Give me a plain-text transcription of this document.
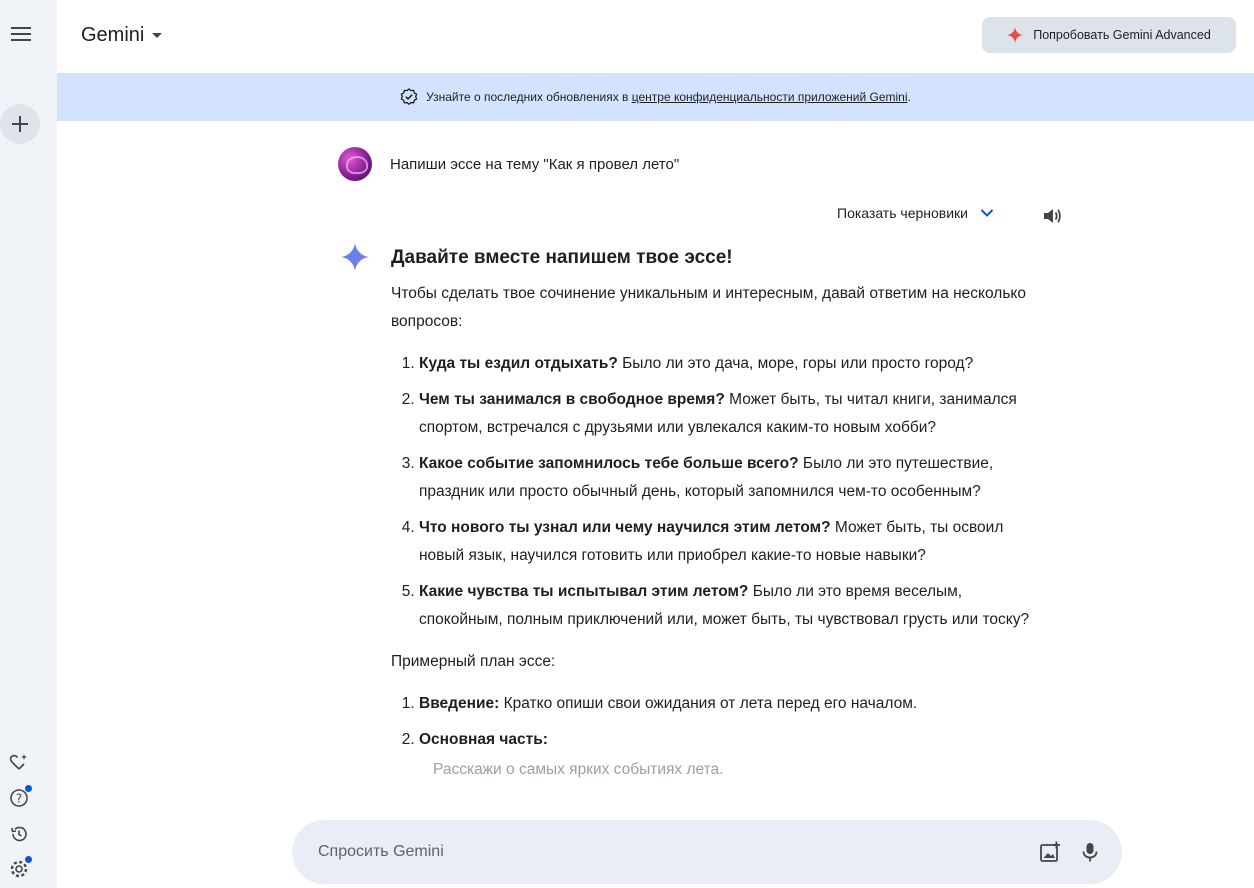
?
Gemini	Попробовать Gemini Advanced
Узнайте о последних обновлениях в центре конфиденциальности приложений Gemini.
Напиши эссе на тему "Как я провел лето"
Показать черновики
Давайте вместе напишем твое эссе!

Чтобы сделать твое сочинение уникальным и интересным, давай ответим на несколько вопросов:

1. Куда ты ездил отдыхать? Было ли это дача, море, горы или просто город?
2. Чем ты занимался в свободное время? Может быть, ты читал книги, занимался спортом, встречался с друзьями или увлекался каким-то новым хобби?
3. Какое событие запомнилось тебе больше всего? Было ли это путешествие, праздник или просто обычный день, который запомнился чем-то особенным?
4. Что нового ты узнал или чему научился этим летом? Может быть, ты освоил новый язык, научился готовить или приобрел какие-то новые навыки?
5. Какие чувства ты испытывал этим летом? Было ли это время веселым, спокойным, полным приключений или, может быть, ты чувствовал грусть или тоску?

Примерный план эссе:

1. Введение: Кратко опиши свои ожидания от лета перед его началом.
2. Основная часть:
Расскажи о самых ярких событиях лета.
Спросить Gemini
